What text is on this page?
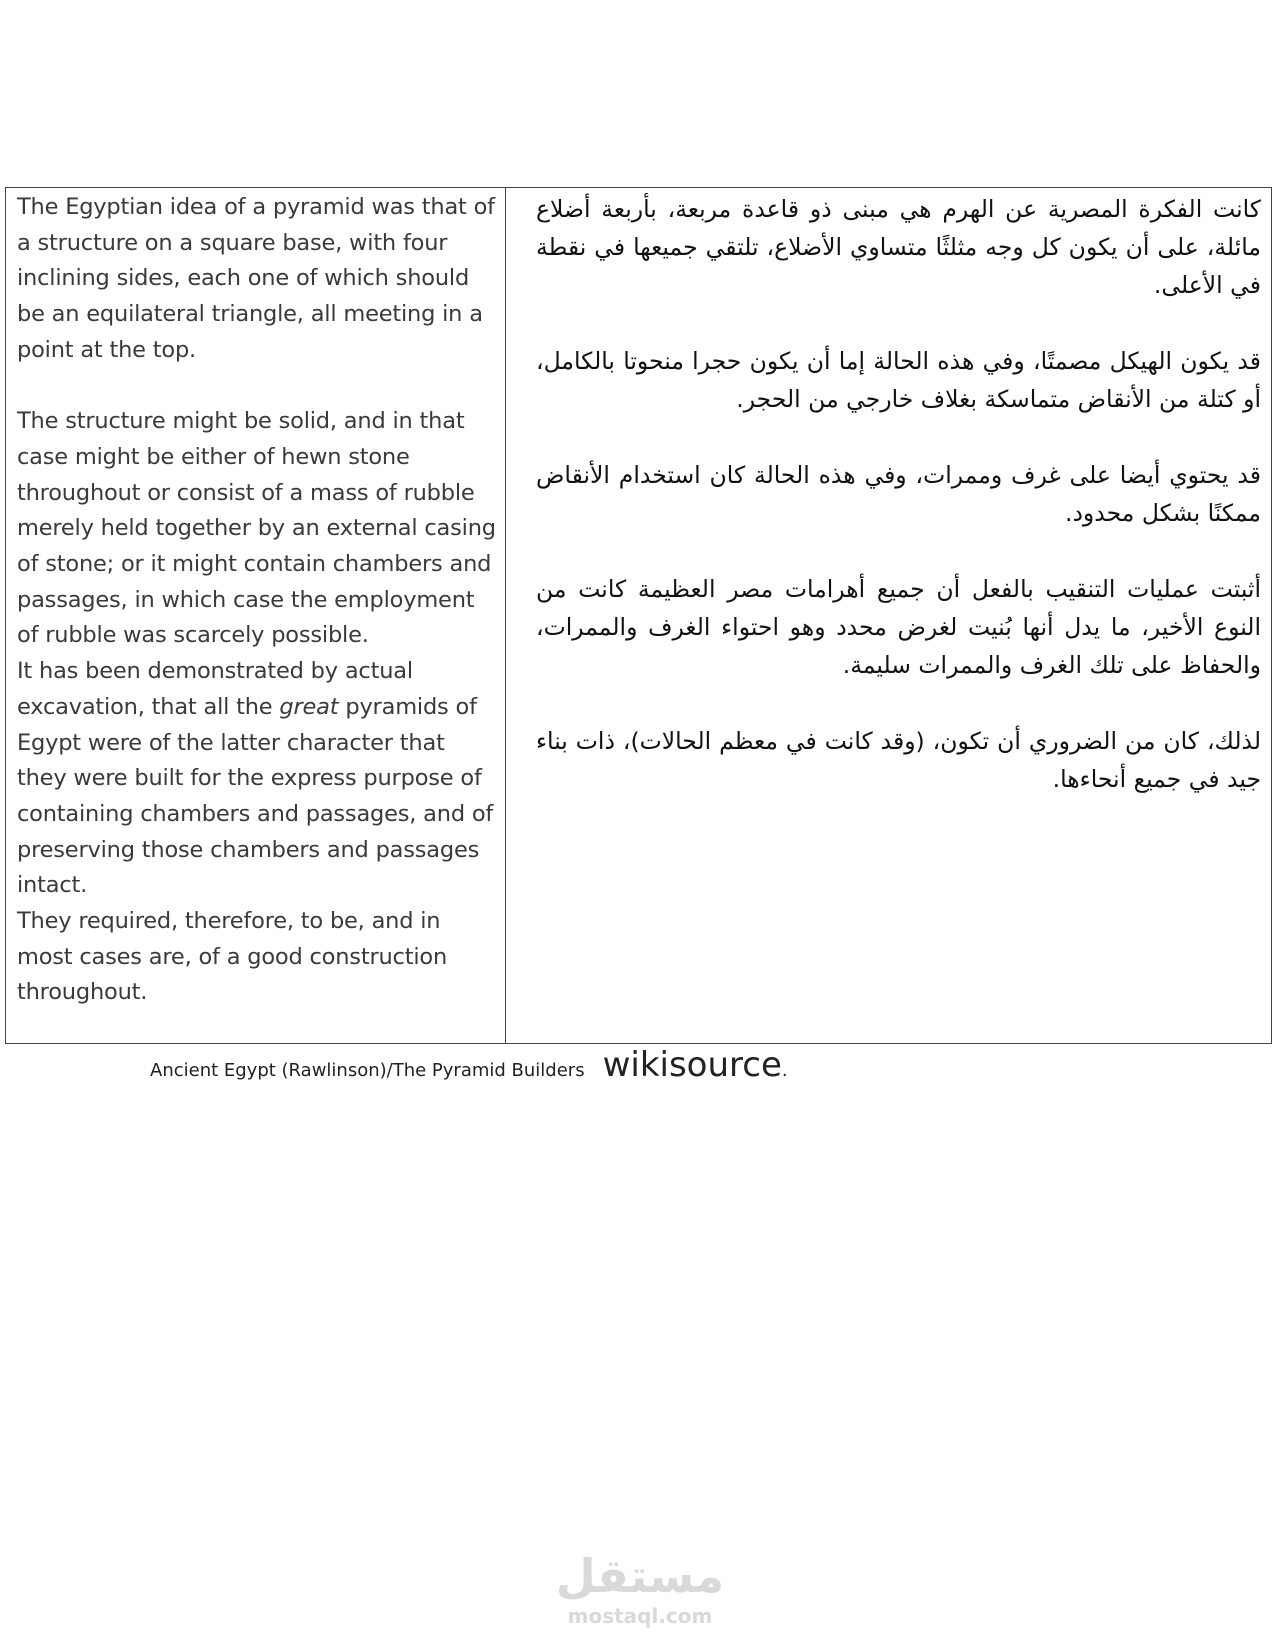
The Egyptian idea of a pyramid was that of a structure on a square base, with four inclining sides, each one of which should be an equilateral triangle, all meeting in a point at the top.

The structure might be solid, and in that case might be either of hewn stone throughout or consist of a mass of rubble merely held together by an external casing of stone; or it might contain chambers and passages, in which case the employment of rubble was scarcely possible.

It has been demonstrated by actual excavation, that all the great pyramids of Egypt were of the latter character that they were built for the express purpose of containing chambers and passages, and of preserving those chambers and passages intact.

They required, therefore, to be, and in most cases are, of a good construction throughout.

كانت الفكرة المصرية عن الهرم هي مبنى ذو قاعدة مربعة، بأربعة أضلاع مائلة، على أن يكون كل وجه مثلثًا متساوي الأضلاع، تلتقي جميعها في نقطة في الأعلى.

قد يكون الهيكل مصمتًا، وفي هذه الحالة إما أن يكون حجرا منحوتا بالكامل، أو كتلة من الأنقاض متماسكة بغلاف خارجي من الحجر.

قد يحتوي أيضا على غرف وممرات، وفي هذه الحالة كان استخدام الأنقاض ممكنًا بشكل محدود.

أثبتت عمليات التنقيب بالفعل أن جميع أهرامات مصر العظيمة كانت من النوع الأخير، ما يدل أنها بُنيت لغرض محدد وهو احتواء الغرف والممرات، والحفاظ على تلك الغرف والممرات سليمة.

لذلك، كان من الضروري أن تكون، (وقد كانت في معظم الحالات)، ذات بناء جيد في جميع أنحاءها.

Ancient Egypt (Rawlinson)/The Pyramid Builders wikisource.
مستقل
mostaql.com
